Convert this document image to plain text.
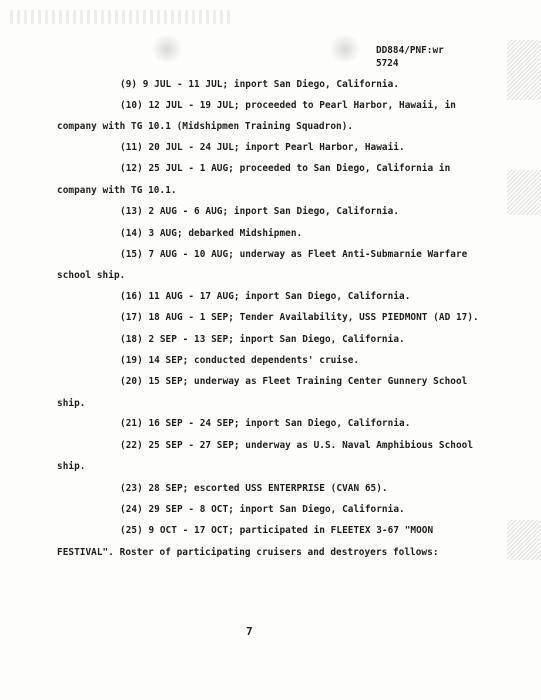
DD884/PNF:wr
5724
(9) 9 JUL - 11 JUL; inport San Diego, California.
(10) 12 JUL - 19 JUL; proceeded to Pearl Harbor, Hawaii, in
company with TG 10.1 (Midshipmen Training Squadron).
(11) 20 JUL - 24 JUL; inport Pearl Harbor, Hawaii.
(12) 25 JUL - 1 AUG; proceeded to San Diego, California in
company with TG 10.1.
(13) 2 AUG - 6 AUG; inport San Diego, California.
(14) 3 AUG; debarked Midshipmen.
(15) 7 AUG - 10 AUG; underway as Fleet Anti-Submarnie Warfare
school ship.
(16) 11 AUG - 17 AUG; inport San Diego, California.
(17) 18 AUG - 1 SEP; Tender Availability, USS PIEDMONT (AD 17).
(18) 2 SEP - 13 SEP; inport San Diego, California.
(19) 14 SEP; conducted dependents' cruise.
(20) 15 SEP; underway as Fleet Training Center Gunnery School
ship.
(21) 16 SEP - 24 SEP; inport San Diego, California.
(22) 25 SEP - 27 SEP; underway as U.S. Naval Amphibious School
ship.
(23) 28 SEP; escorted USS ENTERPRISE (CVAN 65).
(24) 29 SEP - 8 OCT; inport San Diego, California.
(25) 9 OCT - 17 OCT; participated in FLEETEX 3-67 "MOON
FESTIVAL". Roster of participating cruisers and destroyers follows:
7
